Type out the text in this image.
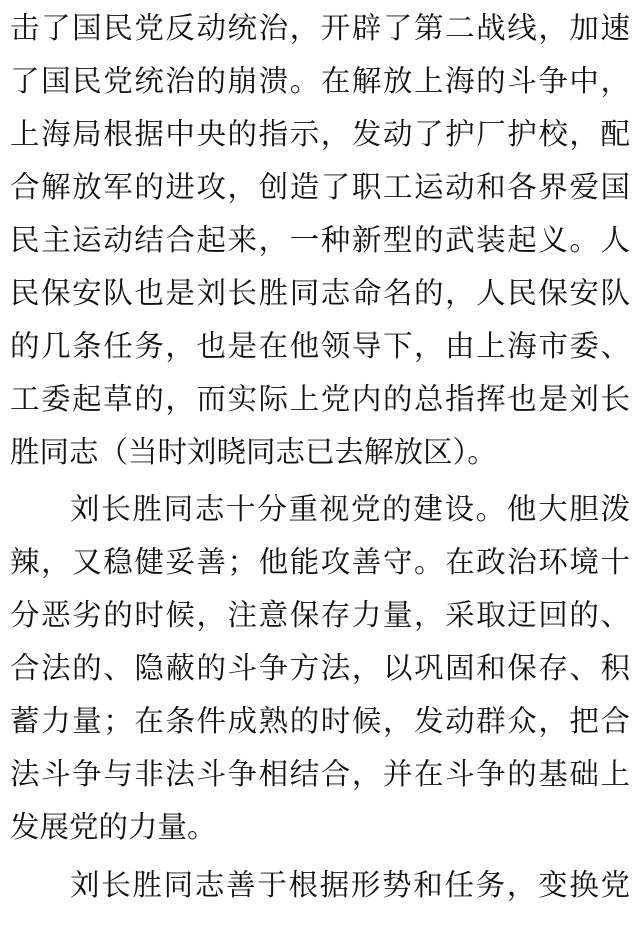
击了国民党反动统治，开辟了第二战线，加速
了国民党统治的崩溃。在解放上海的斗争中，
上海局根据中央的指示，发动了护厂护校，配
合解放军的进攻，创造了职工运动和各界爱国
民主运动结合起来，一种新型的武装起义。人
民保安队也是刘长胜同志命名的，人民保安队
的几条任务，也是在他领导下，由上海市委、
工委起草的，而实际上党内的总指挥也是刘长
胜同志（当时刘晓同志已去解放区）。
刘长胜同志十分重视党的建设。他大胆泼
辣，又稳健妥善；他能攻善守。在政治环境十
分恶劣的时候，注意保存力量，采取迂回的、
合法的、隐蔽的斗争方法，以巩固和保存、积
蓄力量；在条件成熟的时候，发动群众，把合
法斗争与非法斗争相结合，并在斗争的基础上
发展党的力量。
刘长胜同志善于根据形势和任务，变换党
